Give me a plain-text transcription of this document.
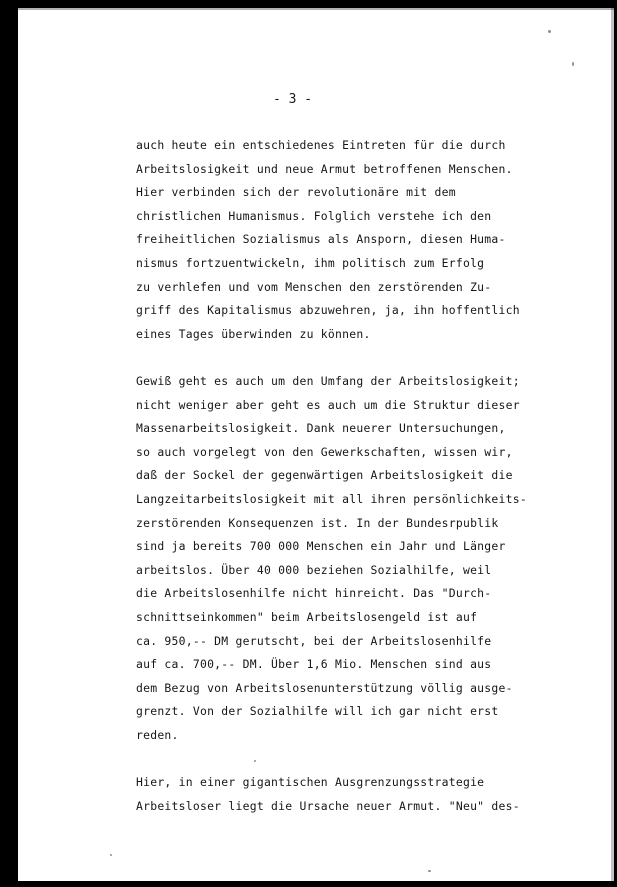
- 3 -
auch heute ein entschiedenes Eintreten für die durch
Arbeitslosigkeit und neue Armut betroffenen Menschen.
Hier verbinden sich der revolutionäre mit dem
christlichen Humanismus. Folglich verstehe ich den
freiheitlichen Sozialismus als Ansporn, diesen Huma-
nismus fortzuentwickeln, ihm politisch zum Erfolg
zu verhlefen und vom Menschen den zerstörenden Zu-
griff des Kapitalismus abzuwehren, ja, ihn hoffentlich
eines Tages überwinden zu können.
Gewiß geht es auch um den Umfang der Arbeitslosigkeit;
nicht weniger aber geht es auch um die Struktur dieser
Massenarbeitslosigkeit. Dank neuerer Untersuchungen,
so auch vorgelegt von den Gewerkschaften, wissen wir,
daß der Sockel der gegenwärtigen Arbeitslosigkeit die
Langzeitarbeitslosigkeit mit all ihren persönlichkeits-
zerstörenden Konsequenzen ist. In der Bundesrpublik
sind ja bereits 700 000 Menschen ein Jahr und Länger
arbeitslos. Über 40 000 beziehen Sozialhilfe, weil
die Arbeitslosenhilfe nicht hinreicht. Das "Durch-
schnittseinkommen" beim Arbeitslosengeld ist auf
ca. 950,-- DM gerutscht, bei der Arbeitslosenhilfe
auf ca. 700,-- DM. Über 1,6 Mio. Menschen sind aus
dem Bezug von Arbeitslosenunterstützung völlig ausge-
grenzt. Von der Sozialhilfe will ich gar nicht erst
reden.
Hier, in einer gigantischen Ausgrenzungsstrategie
Arbeitsloser liegt die Ursache neuer Armut. "Neu" des-
